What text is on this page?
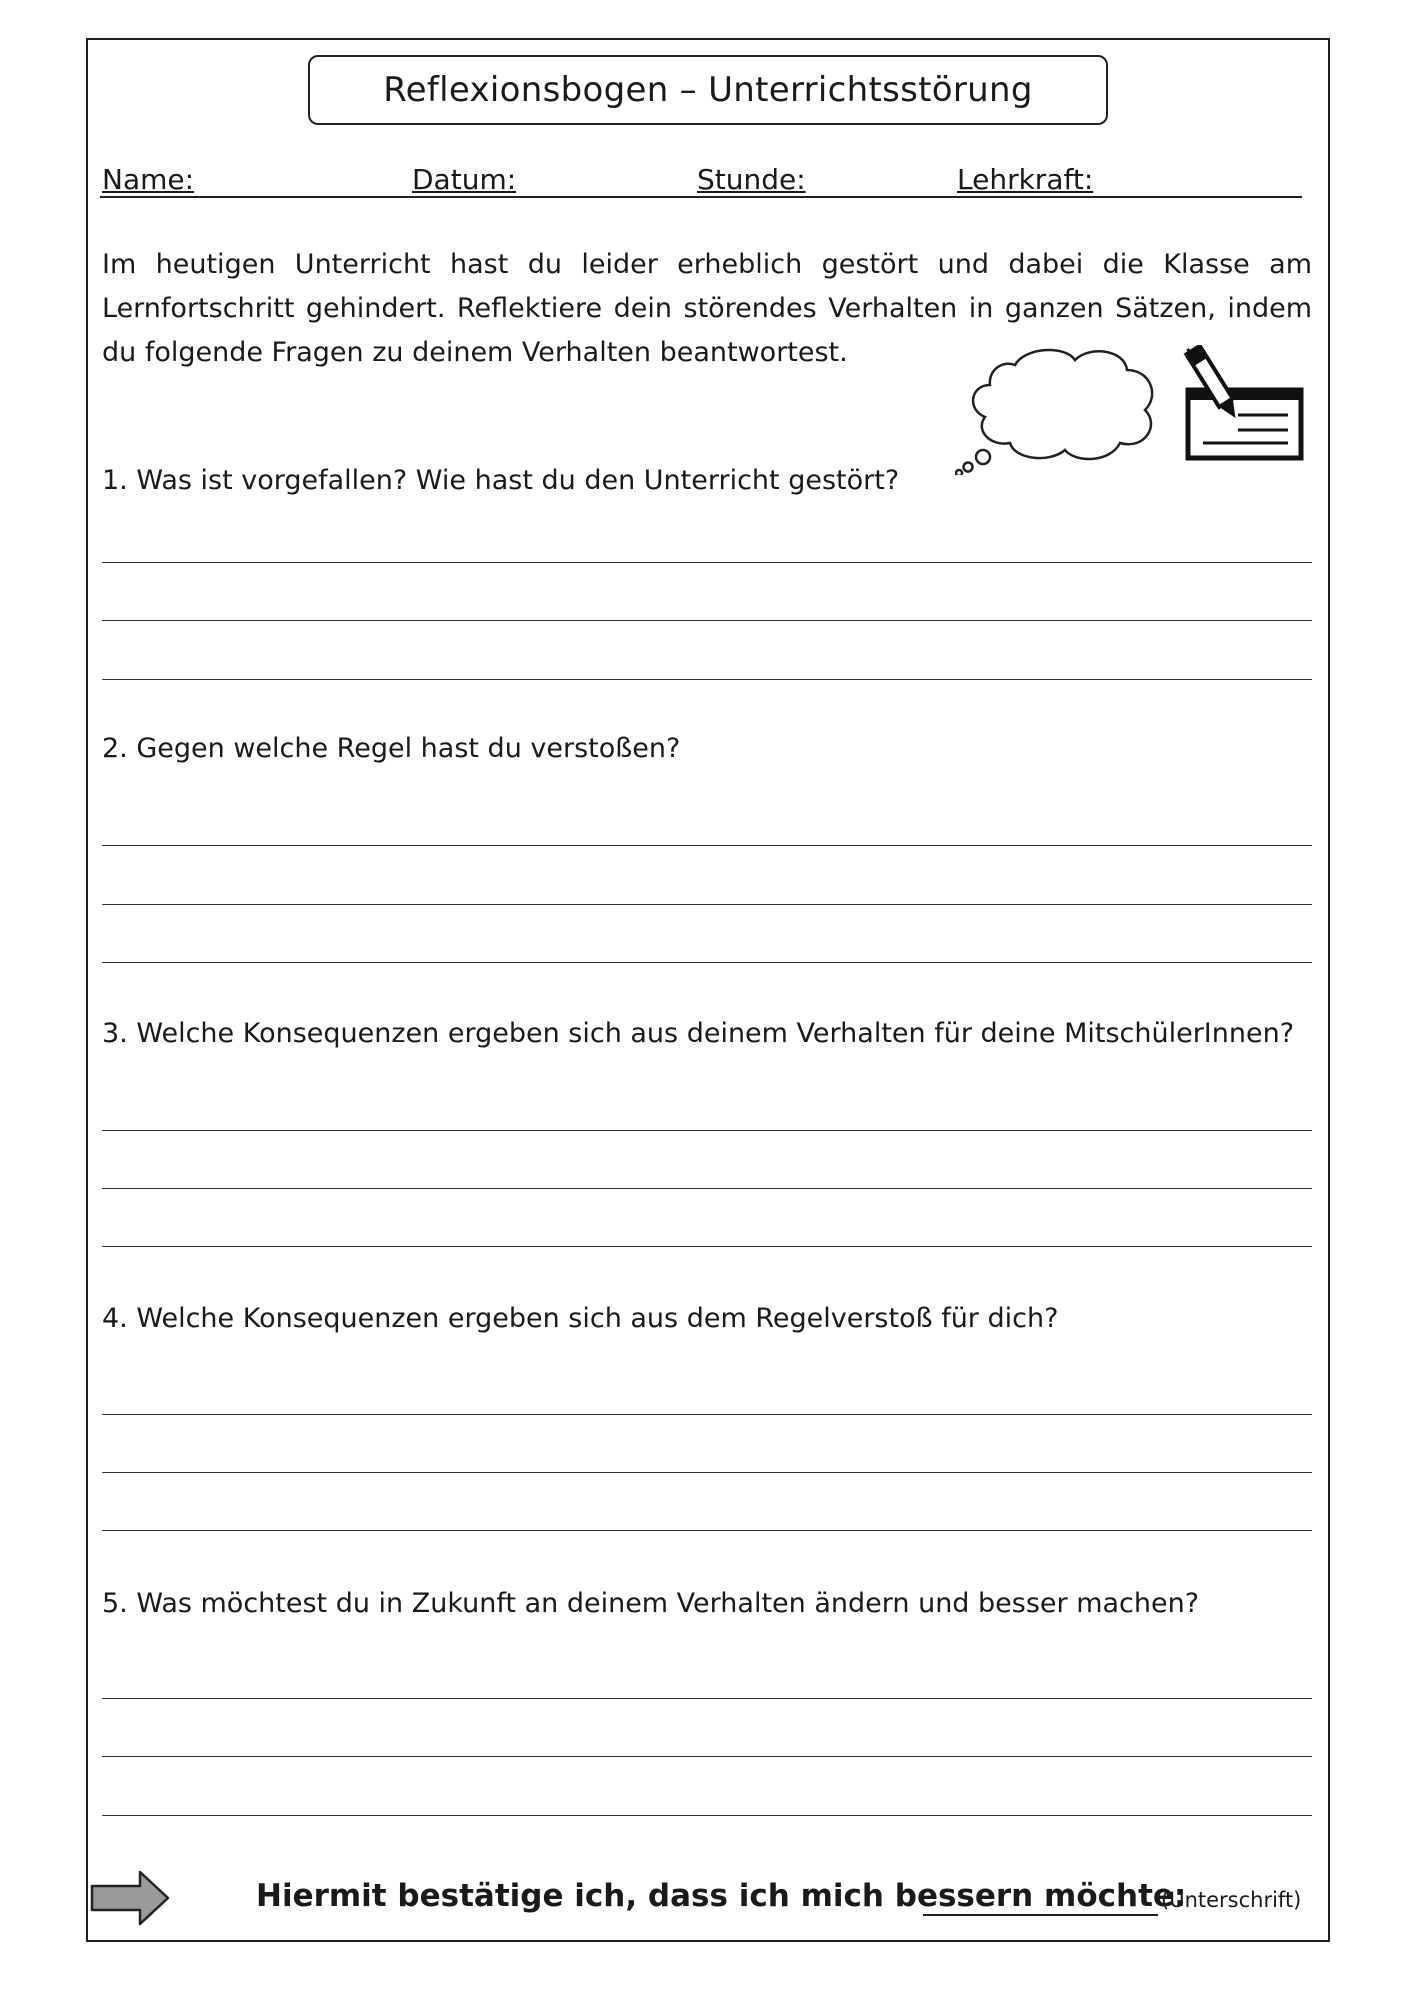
Reflexionsbogen – Unterrichtsstörung
Name:	Datum:	Stunde:	Lehrkraft:
Im heutigen Unterricht hast du leider erheblich gestört und dabei die Klasse am Lernfortschritt gehindert. Reflektiere dein störendes Verhalten in ganzen Sätzen, indem du folgende Fragen zu deinem Verhalten beantwortest.
1. Was ist vorgefallen? Wie hast du den Unterricht gestört?
2. Gegen welche Regel hast du verstoßen?
3. Welche Konsequenzen ergeben sich aus deinem Verhalten für deine MitschülerInnen?
4. Welche Konsequenzen ergeben sich aus dem Regelverstoß für dich?
5. Was möchtest du in Zukunft an deinem Verhalten ändern und besser machen?
Hiermit bestätige ich, dass ich mich bessern möchte:
(Unterschrift)
